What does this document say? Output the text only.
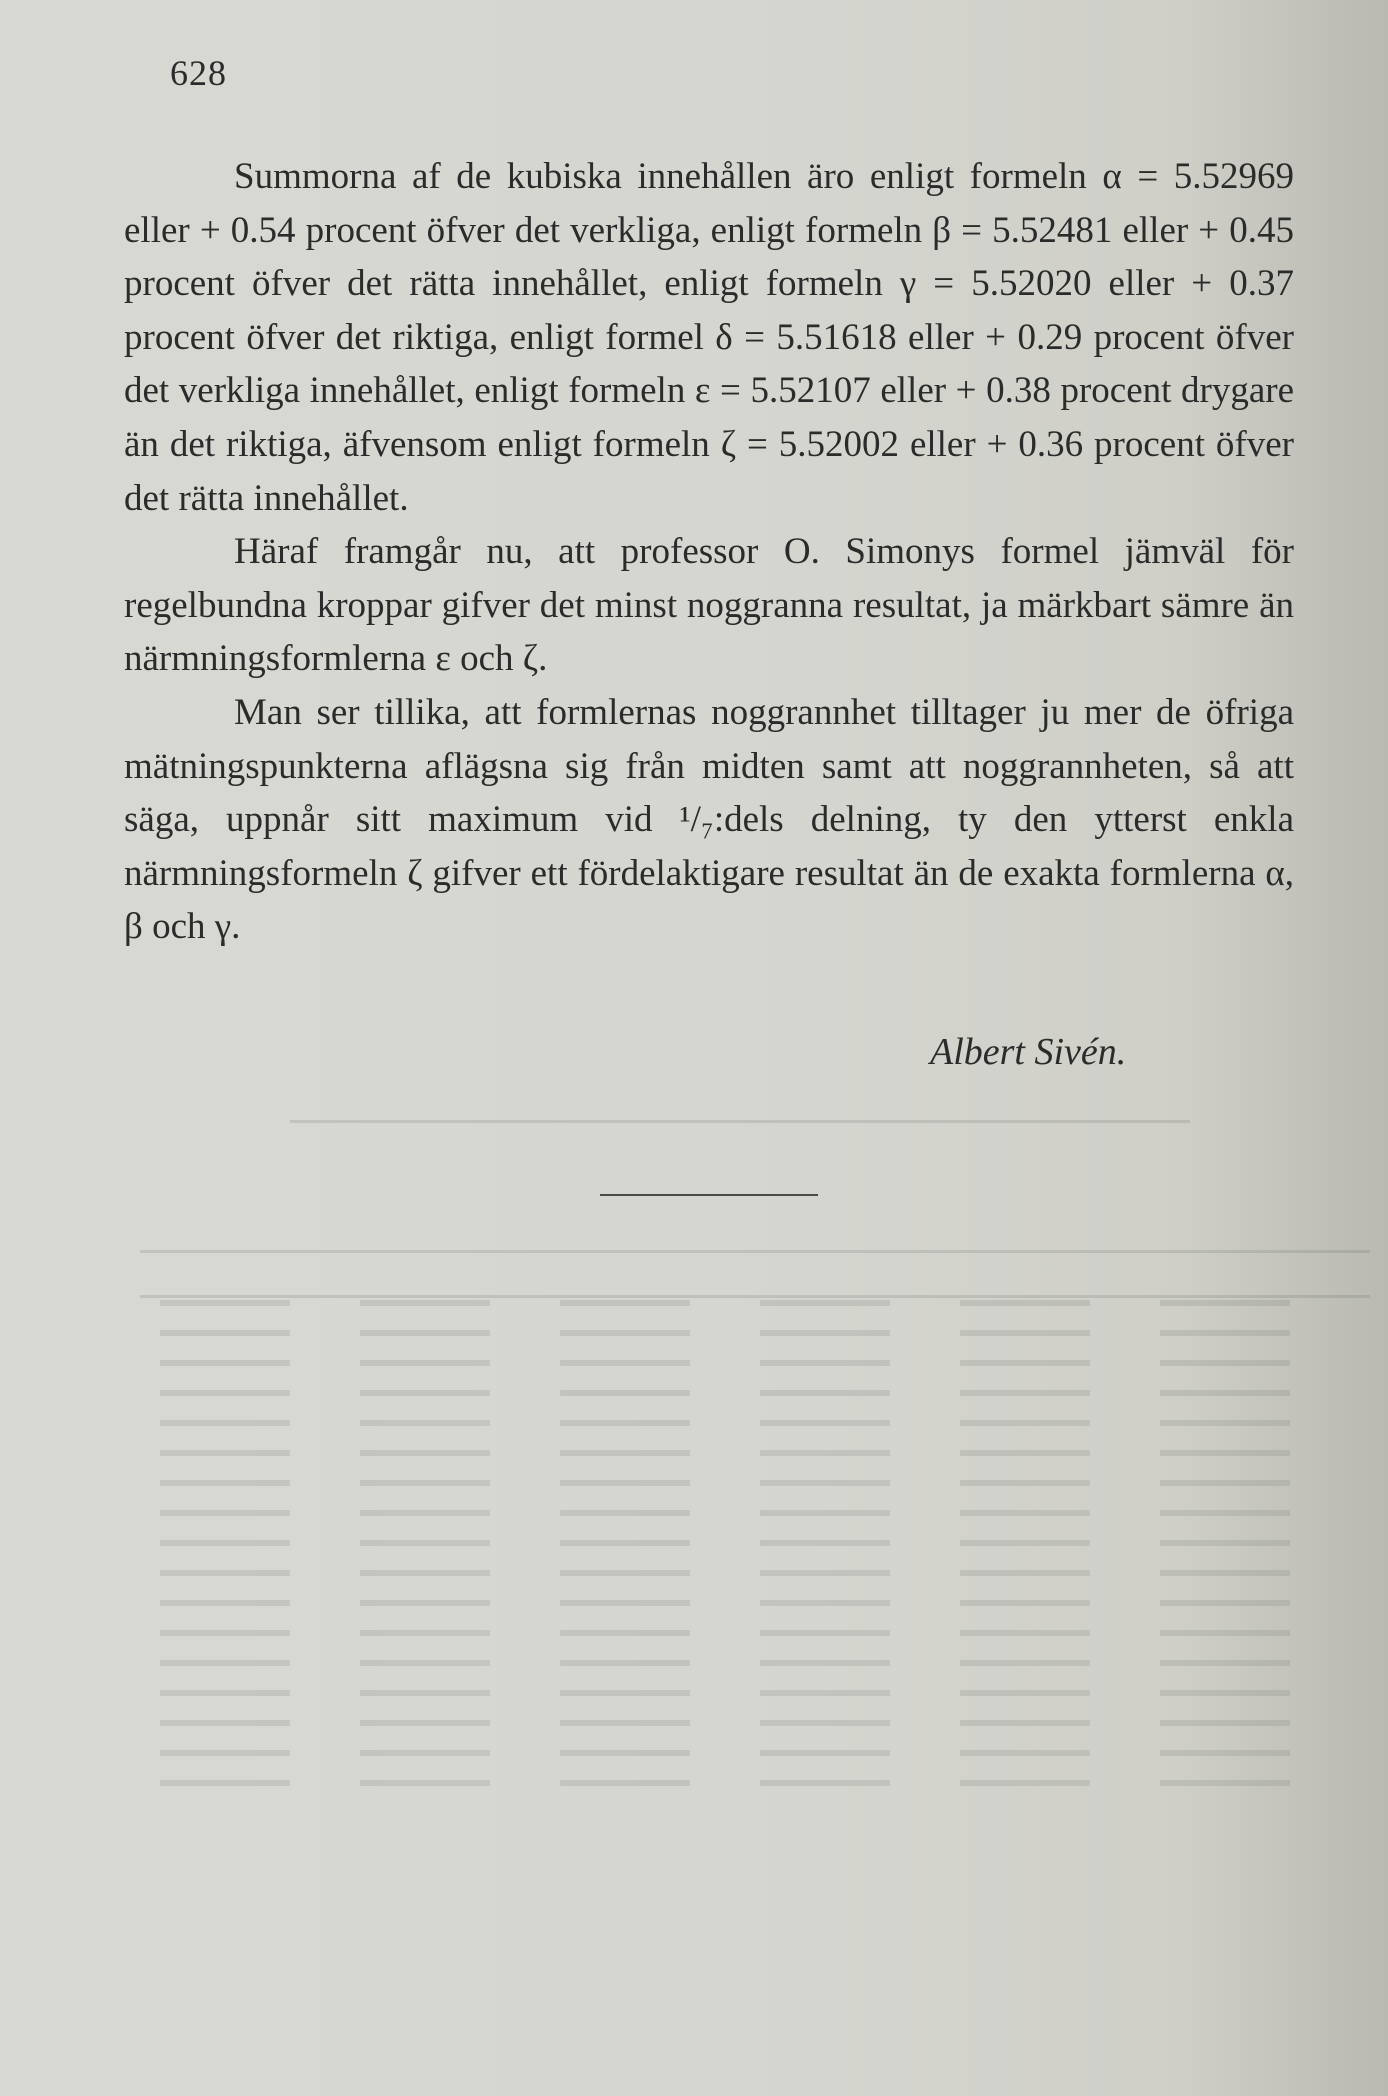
628

Summorna af de kubiska innehållen äro enligt formeln α = 5.52969 eller + 0.54 procent öfver det verkliga, enligt formeln β = 5.52481 eller + 0.45 procent öfver det rätta innehållet, enligt formeln γ = 5.52020 eller + 0.37 procent öfver det riktiga, enligt formel δ = 5.51618 eller + 0.29 procent öfver det verkliga innehållet, enligt formeln ε = 5.52107 eller + 0.38 procent drygare än det riktiga, äfvensom enligt formeln ζ = 5.52002 eller + 0.36 procent öfver det rätta innehållet.

Häraf framgår nu, att professor O. Simonys formel jämväl för regelbundna kroppar gifver det minst noggranna resultat, ja märkbart sämre än närmningsformlerna ε och ζ.

Man ser tillika, att formlernas noggrannhet tilltager ju mer de öfriga mätningspunkterna aflägsna sig från midten samt att noggrannheten, så att säga, uppnår sitt maximum vid ¹/₇:dels delning, ty den ytterst enkla närmningsformeln ζ gifver ett fördelaktigare resultat än de exakta formlerna α, β och γ.

Albert Sivén.
